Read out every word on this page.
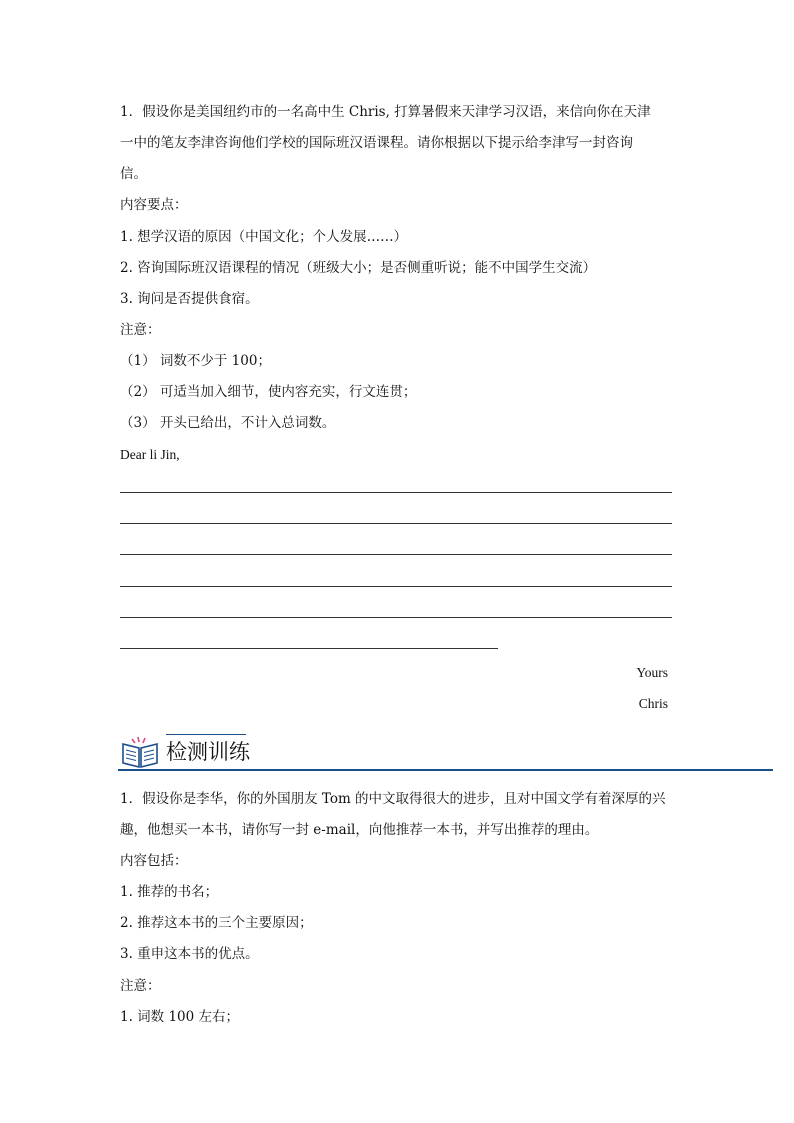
1．假设你是美国纽约市的一名高中生 Chris, 打算暑假来天津学习汉语，来信向你在天津

一中的笔友李津咨询他们学校的国际班汉语课程。请你根据以下提示给李津写一封咨询

信。

内容要点：

1. 想学汉语的原因（中国文化；个人发展……）

2. 咨询国际班汉语课程的情况（班级大小；是否侧重听说；能不中国学生交流）

3. 询问是否提供食宿。

注意：

（1） 词数不少于 100；

（2） 可适当加入细节，使内容充实，行文连贯；

（3） 开头已给出，不计入总词数。

Dear li Jin,

Yours

Chris

检测训练

1．假设你是李华，你的外国朋友 Tom 的中文取得很大的进步，且对中国文学有着深厚的兴

趣，他想买一本书，请你写一封 e-mail，向他推荐一本书，并写出推荐的理由。

内容包括：

1. 推荐的书名；

2. 推荐这本书的三个主要原因；

3. 重申这本书的优点。

注意：

1. 词数 100 左右；
